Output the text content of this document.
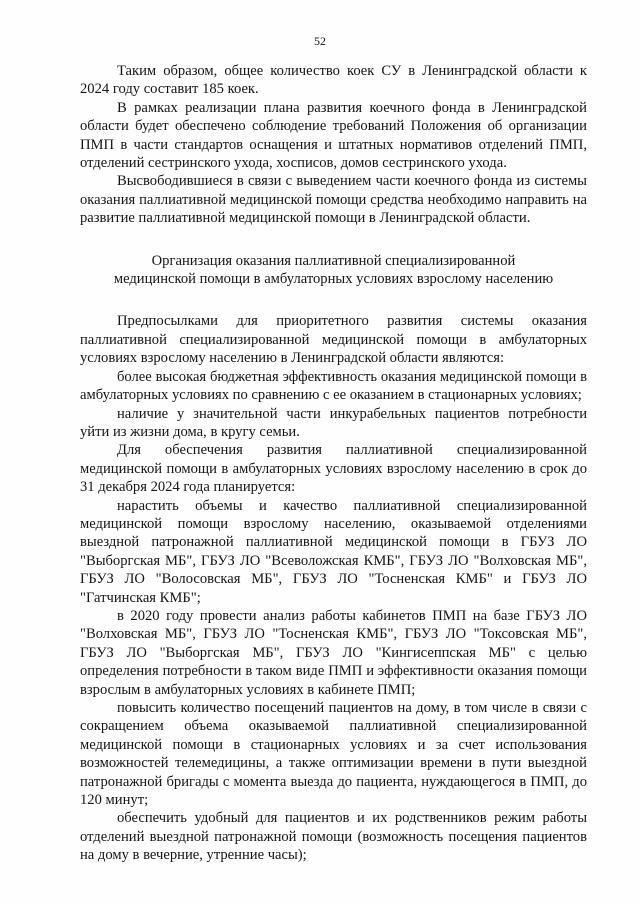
52

Таким образом, общее количество коек СУ в Ленинградской области к 2024 году составит 185 коек.

В рамках реализации плана развития коечного фонда в Ленинградской области будет обеспечено соблюдение требований Положения об организации ПМП в части стандартов оснащения и штатных нормативов отделений ПМП, отделений сестринского ухода, хосписов, домов сестринского ухода.

Высвободившиеся в связи с выведением части коечного фонда из системы оказания паллиативной медицинской помощи средства необходимо направить на развитие паллиативной медицинской помощи в Ленинградской области.

Организация оказания паллиативной специализированной
медицинской помощи в амбулаторных условиях взрослому населению

Предпосылками для приоритетного развития системы оказания паллиативной специализированной медицинской помощи в амбулаторных условиях взрослому населению в Ленинградской области являются:

более высокая бюджетная эффективность оказания медицинской помощи в амбулаторных условиях по сравнению с ее оказанием в стационарных условиях;

наличие у значительной части инкурабельных пациентов потребности уйти из жизни дома, в кругу семьи.

Для обеспечения развития паллиативной специализированной медицинской помощи в амбулаторных условиях взрослому населению в срок до 31 декабря 2024 года планируется:

нарастить объемы и качество паллиативной специализированной медицинской помощи взрослому населению, оказываемой отделениями выездной патронажной паллиативной медицинской помощи в ГБУЗ ЛО "Выборгская МБ", ГБУЗ ЛО "Всеволожская КМБ", ГБУЗ ЛО "Волховская МБ", ГБУЗ ЛО "Волосовская МБ", ГБУЗ ЛО "Тосненская КМБ" и ГБУЗ ЛО "Гатчинская КМБ";

в 2020 году провести анализ работы кабинетов ПМП на базе ГБУЗ ЛО "Волховская МБ", ГБУЗ ЛО "Тосненская КМБ", ГБУЗ ЛО "Токсовская МБ", ГБУЗ ЛО "Выборгская МБ", ГБУЗ ЛО "Кингисеппская МБ" с целью определения потребности в таком виде ПМП и эффективности оказания помощи взрослым в амбулаторных условиях в кабинете ПМП;

повысить количество посещений пациентов на дому, в том числе в связи с сокращением объема оказываемой паллиативной специализированной медицинской помощи в стационарных условиях и за счет использования возможностей телемедицины, а также оптимизации времени в пути выездной патронажной бригады с момента выезда до пациента, нуждающегося в ПМП, до 120 минут;

обеспечить удобный для пациентов и их родственников режим работы отделений выездной патронажной помощи (возможность посещения пациентов на дому в вечерние, утренние часы);
